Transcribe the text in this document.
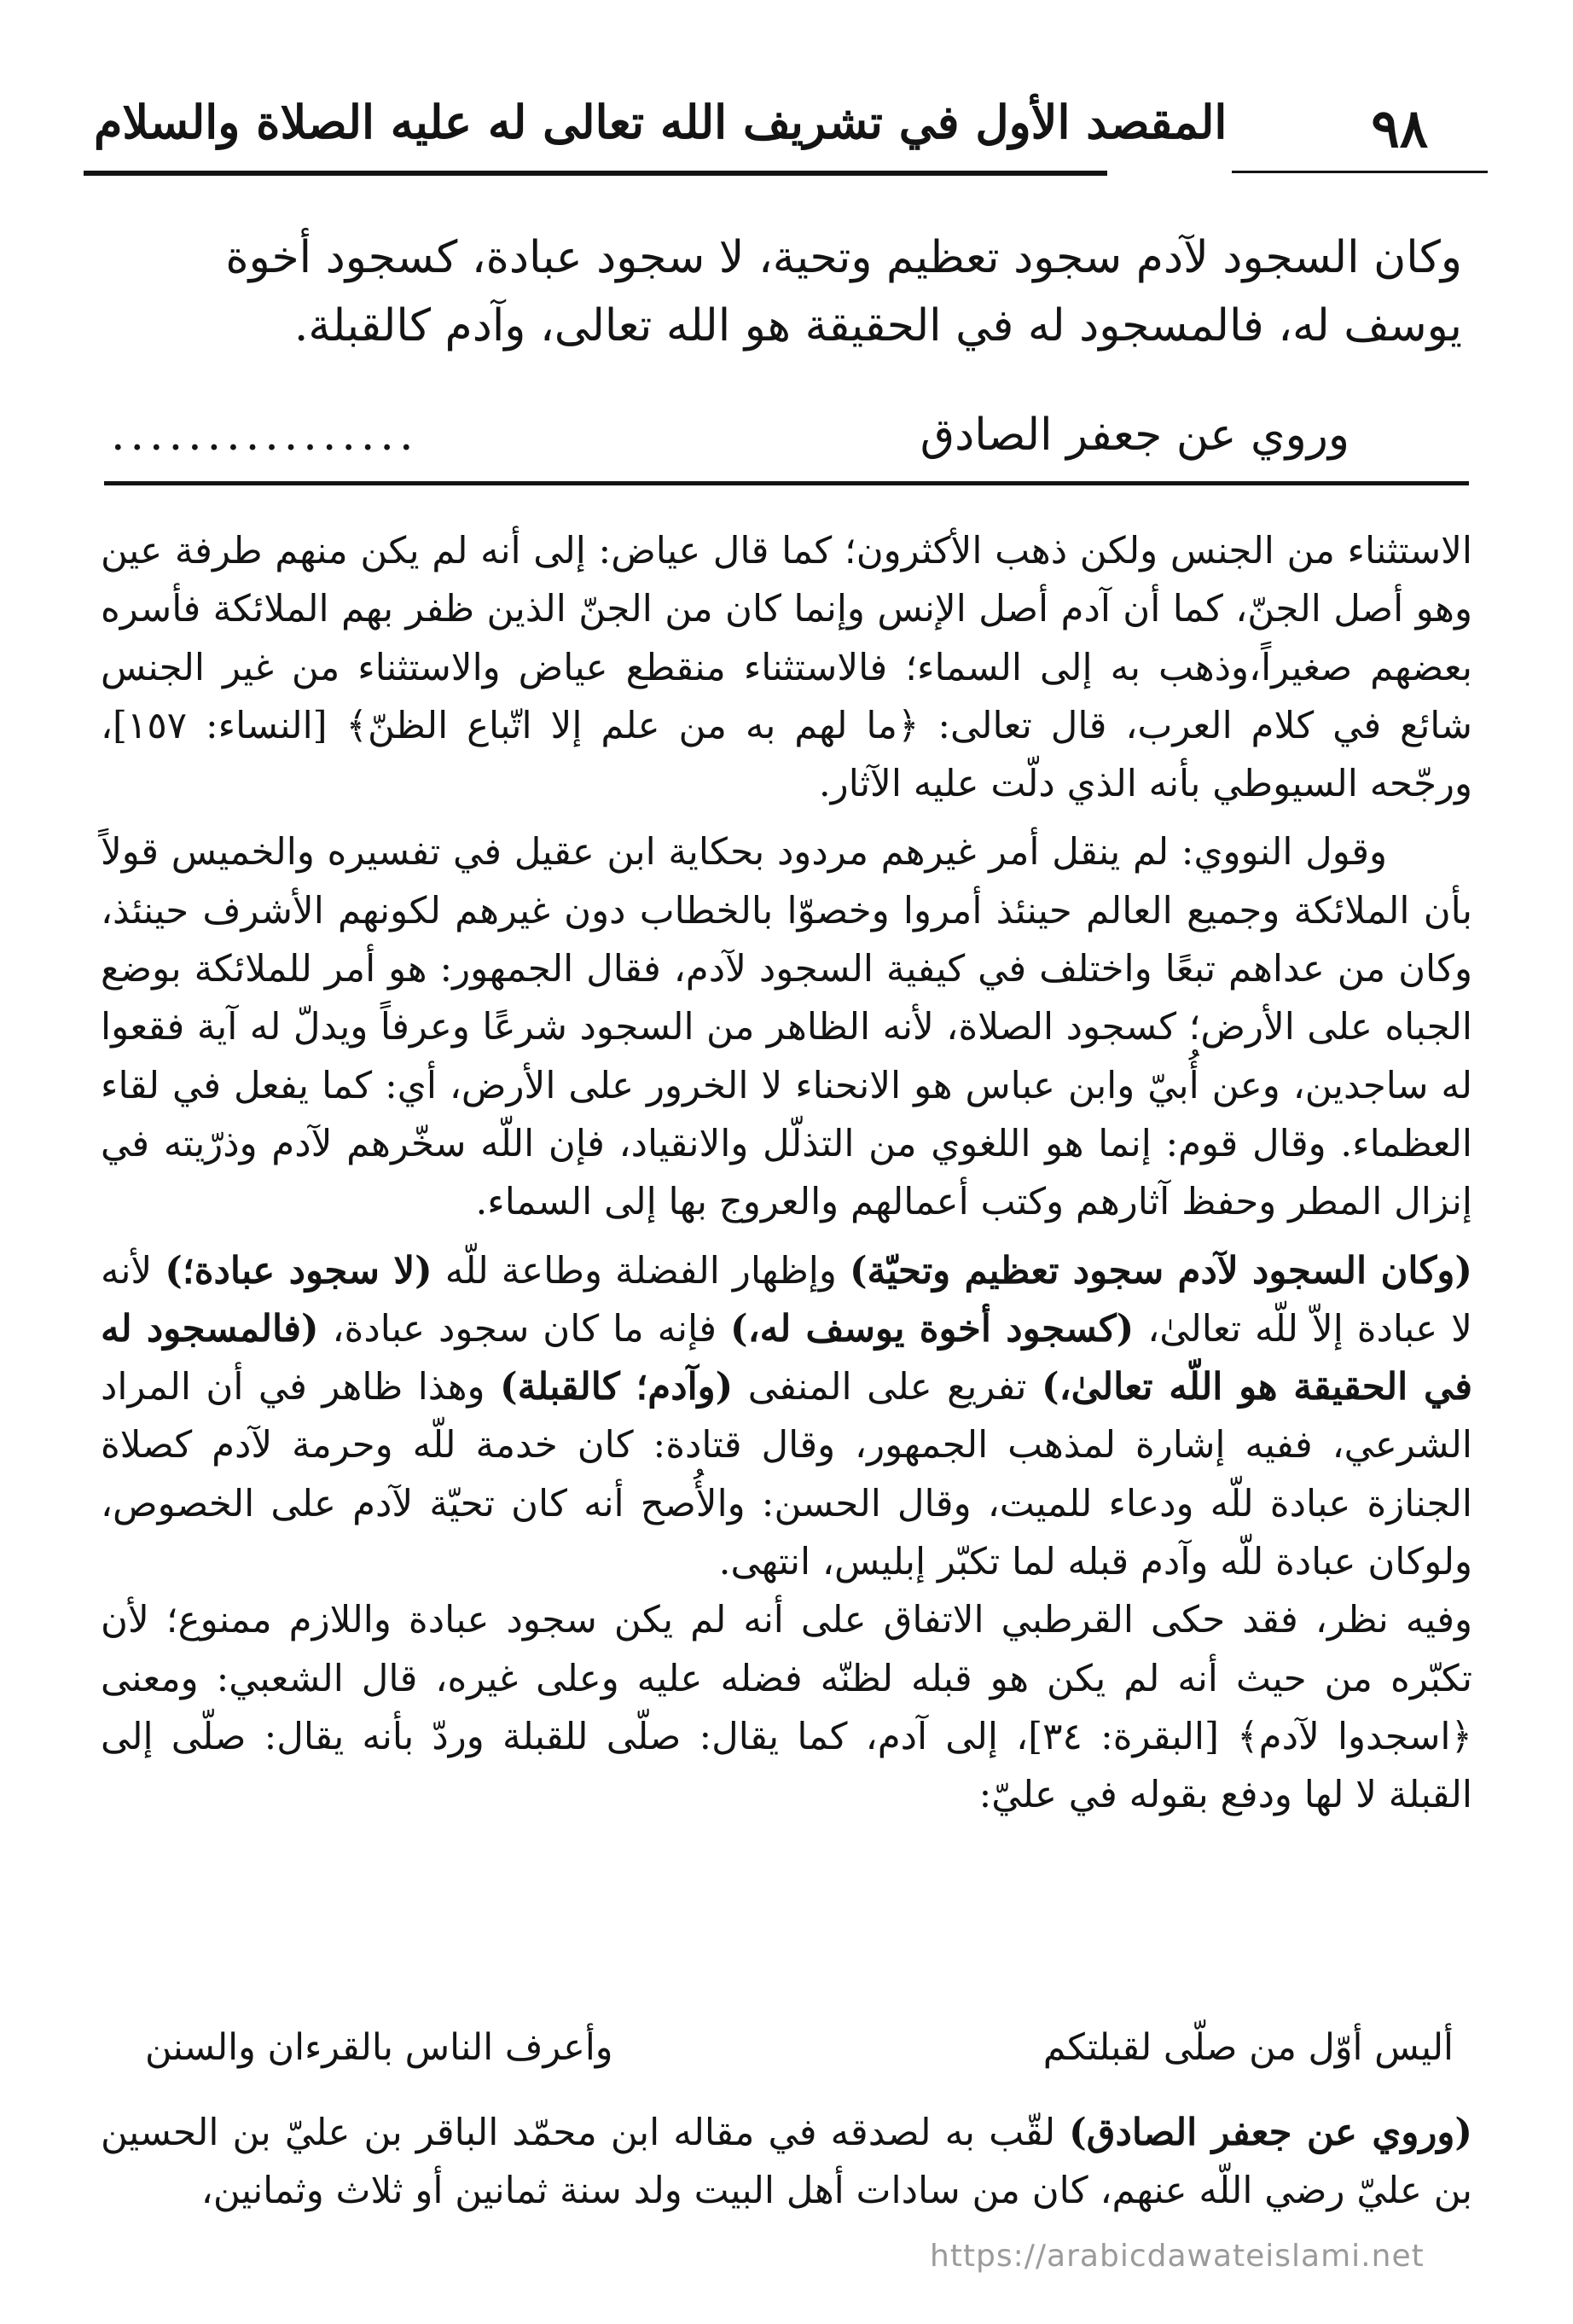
٩٨
المقصد الأول في تشريف الله تعالى له عليه الصلاة والسلام

وكان السجود لآدم سجود تعظيم وتحية، لا سجود عبادة، كسجود أخوة

يوسف له، فالمسجود له في الحقيقة هو الله تعالى، وآدم كالقبلة.

وروي عن جعفر الصادق
................

الاستثناء من الجنس ولكن ذهب الأكثرون؛ كما قال عياض: إلى أنه لم يكن منهم طرفة عين وهو أصل الجنّ، كما أن آدم أصل الإنس وإنما كان من الجنّ الذين ظفر بهم الملائكة فأسره بعضهم صغيراً،وذهب به إلى السماء؛ فالاستثناء منقطع عياض والاستثناء من غير الجنس شائع في كلام العرب، قال تعالى: ﴿ما لهم به من علم إلا اتّباع الظنّ﴾ [النساء: ١٥٧]، ورجّحه السيوطي بأنه الذي دلّت عليه الآثار.

وقول النووي: لم ينقل أمر غيرهم مردود بحكاية ابن عقيل في تفسيره والخميس قولاً بأن الملائكة وجميع العالم حينئذ أمروا وخصوّا بالخطاب دون غيرهم لكونهم الأشرف حينئذ، وكان من عداهم تبعًا واختلف في كيفية السجود لآدم، فقال الجمهور: هو أمر للملائكة بوضع الجباه على الأرض؛ كسجود الصلاة، لأنه الظاهر من السجود شرعًا وعرفاً ويدلّ له آية فقعوا له ساجدين، وعن أُبيّ وابن عباس هو الانحناء لا الخرور على الأرض، أي: كما يفعل في لقاء العظماء. وقال قوم: إنما هو اللغوي من التذلّل والانقياد، فإن اللّه سخّرهم لآدم وذرّيته في إنزال المطر وحفظ آثارهم وكتب أعمالهم والعروج بها إلى السماء.

(وكان السجود لآدم سجود تعظيم وتحيّة) وإظهار الفضلة وطاعة للّه (لا سجود عبادة؛) لأنه لا عبادة إلاّ للّه تعالىٰ، (كسجود أخوة يوسف له،) فإنه ما كان سجود عبادة، (فالمسجود له في الحقيقة هو اللّه تعالىٰ،) تفريع على المنفى (وآدم؛ كالقبلة) وهذا ظاهر في أن المراد الشرعي، ففيه إشارة لمذهب الجمهور، وقال قتادة: كان خدمة للّه وحرمة لآدم كصلاة الجنازة عبادة للّه ودعاء للميت، وقال الحسن: والأُصح أنه كان تحيّة لآدم على الخصوص، ولوكان عبادة للّه وآدم قبله لما تكبّر إبليس، انتهى.

وفيه نظر، فقد حكى القرطبي الاتفاق على أنه لم يكن سجود عبادة واللازم ممنوع؛ لأن تكبّره من حيث أنه لم يكن هو قبله لظنّه فضله عليه وعلى غيره، قال الشعبي: ومعنى ﴿اسجدوا لآدم﴾ [البقرة: ٣٤]، إلى آدم، كما يقال: صلّى للقبلة وردّ بأنه يقال: صلّى إلى القبلة لا لها ودفع بقوله في عليّ:

أليس أوّل من صلّى لقبلتكم
وأعرف الناس بالقرءان والسنن

(وروي عن جعفر الصادق) لقّب به لصدقه في مقاله ابن محمّد الباقر بن عليّ بن الحسين بن عليّ رضي اللّه عنهم، كان من سادات أهل البيت ولد سنة ثمانين أو ثلاث وثمانين،

https://arabicdawateislami.net
